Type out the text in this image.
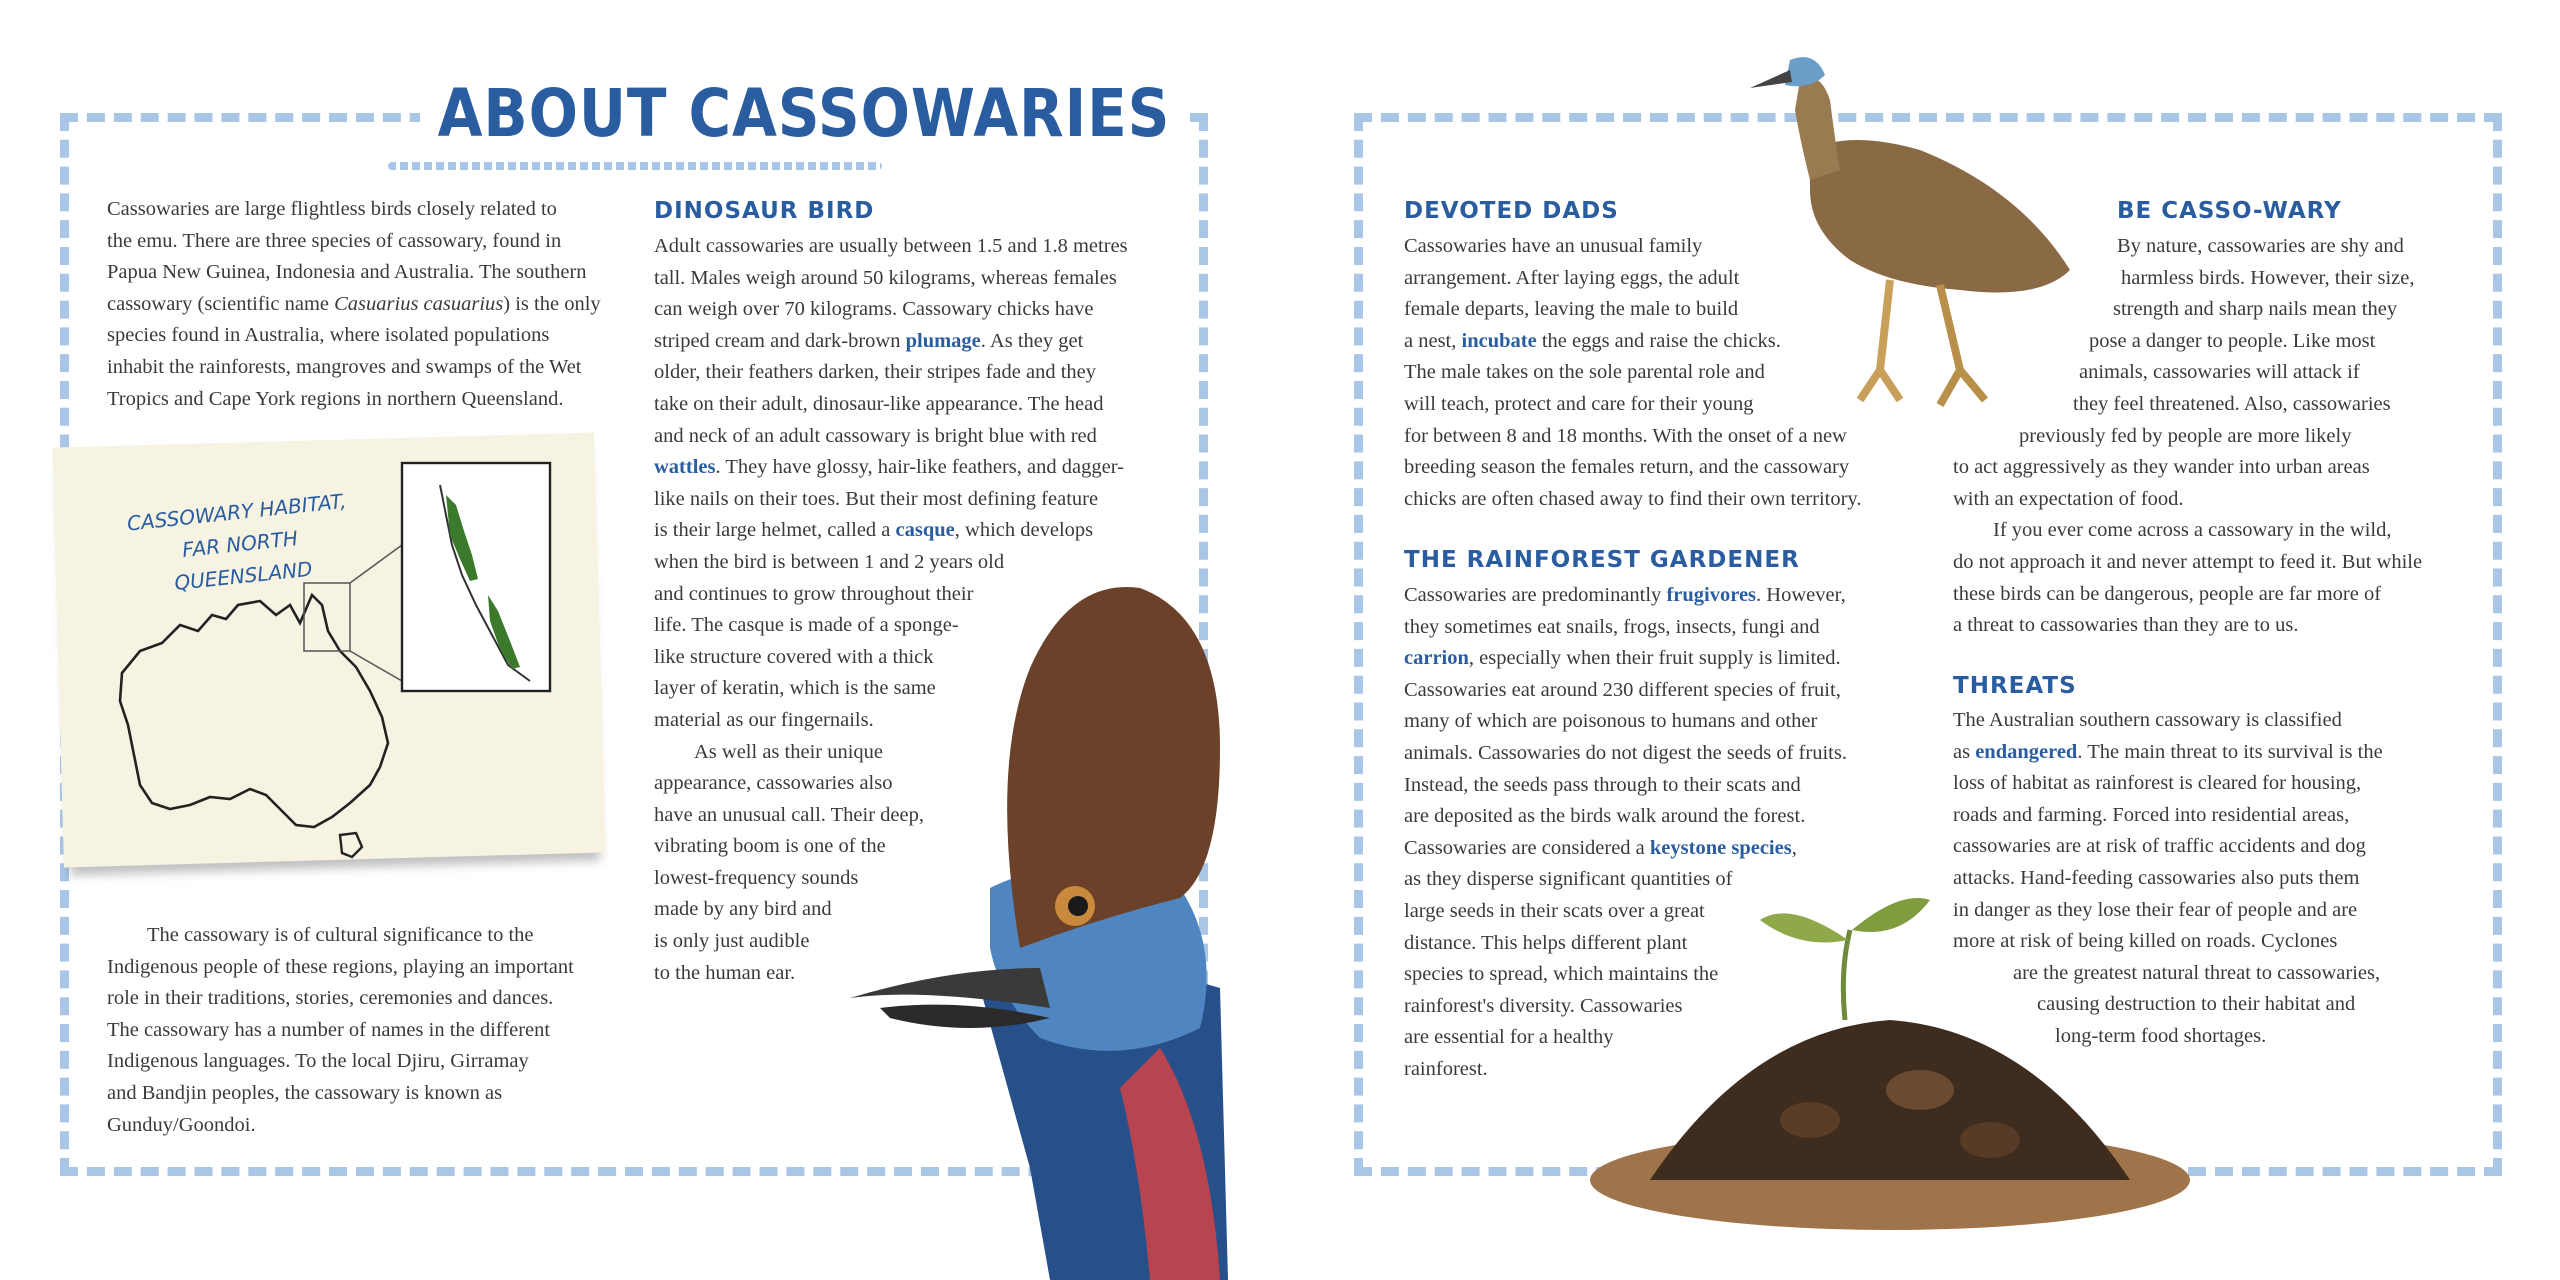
ABOUT CASSOWARIES
Cassowaries are large flightless birds closely related to
the emu. There are three species of cassowary, found in
Papua New Guinea, Indonesia and Australia. The southern
cassowary (scientific name Casuarius casuarius) is the only
species found in Australia, where isolated populations
inhabit the rainforests, mangroves and swamps of the Wet
Tropics and Cape York regions in northern Queensland.
CASSOWARY HABITAT,
FAR NORTH QUEENSLAND
The cassowary is of cultural significance to the
Indigenous people of these regions, playing an important
role in their traditions, stories, ceremonies and dances.
The cassowary has a number of names in the different
Indigenous languages. To the local Djiru, Girramay
and Bandjin peoples, the cassowary is known as
Gunduy/Goondoi.
DINOSAUR BIRD
Adult cassowaries are usually between 1.5 and 1.8 metres
tall. Males weigh around 50 kilograms, whereas females
can weigh over 70 kilograms. Cassowary chicks have
striped cream and dark-brown plumage. As they get
older, their feathers darken, their stripes fade and they
take on their adult, dinosaur-like appearance. The head
and neck of an adult cassowary is bright blue with red
wattles. They have glossy, hair-like feathers, and dagger-
like nails on their toes. But their most defining feature
is their large helmet, called a casque, which develops
when the bird is between 1 and 2 years old
and continues to grow throughout their
life. The casque is made of a sponge-
like structure covered with a thick
layer of keratin, which is the same
material as our fingernails.
As well as their unique
appearance, cassowaries also
have an unusual call. Their deep,
vibrating boom is one of the
lowest-frequency sounds
made by any bird and
is only just audible
to the human ear.
DEVOTED DADS
Cassowaries have an unusual family
arrangement. After laying eggs, the adult
female departs, leaving the male to build
a nest, incubate the eggs and raise the chicks.
The male takes on the sole parental role and
will teach, protect and care for their young
for between 8 and 18 months. With the onset of a new
breeding season the females return, and the cassowary
chicks are often chased away to find their own territory.
THE RAINFOREST GARDENER
Cassowaries are predominantly frugivores. However,
they sometimes eat snails, frogs, insects, fungi and
carrion, especially when their fruit supply is limited.
Cassowaries eat around 230 different species of fruit,
many of which are poisonous to humans and other
animals. Cassowaries do not digest the seeds of fruits.
Instead, the seeds pass through to their scats and
are deposited as the birds walk around the forest.
Cassowaries are considered a keystone species,
as they disperse significant quantities of
large seeds in their scats over a great
distance. This helps different plant
species to spread, which maintains the
rainforest's diversity. Cassowaries
are essential for a healthy
rainforest.
BE CASSO-WARY
By nature, cassowaries are shy and
harmless birds. However, their size,
strength and sharp nails mean they
pose a danger to people. Like most
animals, cassowaries will attack if
they feel threatened. Also, cassowaries
previously fed by people are more likely
to act aggressively as they wander into urban areas
with an expectation of food.
If you ever come across a cassowary in the wild,
do not approach it and never attempt to feed it. But while
these birds can be dangerous, people are far more of
a threat to cassowaries than they are to us.
THREATS
The Australian southern cassowary is classified
as endangered. The main threat to its survival is the
loss of habitat as rainforest is cleared for housing,
roads and farming. Forced into residential areas,
cassowaries are at risk of traffic accidents and dog
attacks. Hand-feeding cassowaries also puts them
in danger as they lose their fear of people and are
more at risk of being killed on roads. Cyclones
are the greatest natural threat to cassowaries,
causing destruction to their habitat and
long-term food shortages.
